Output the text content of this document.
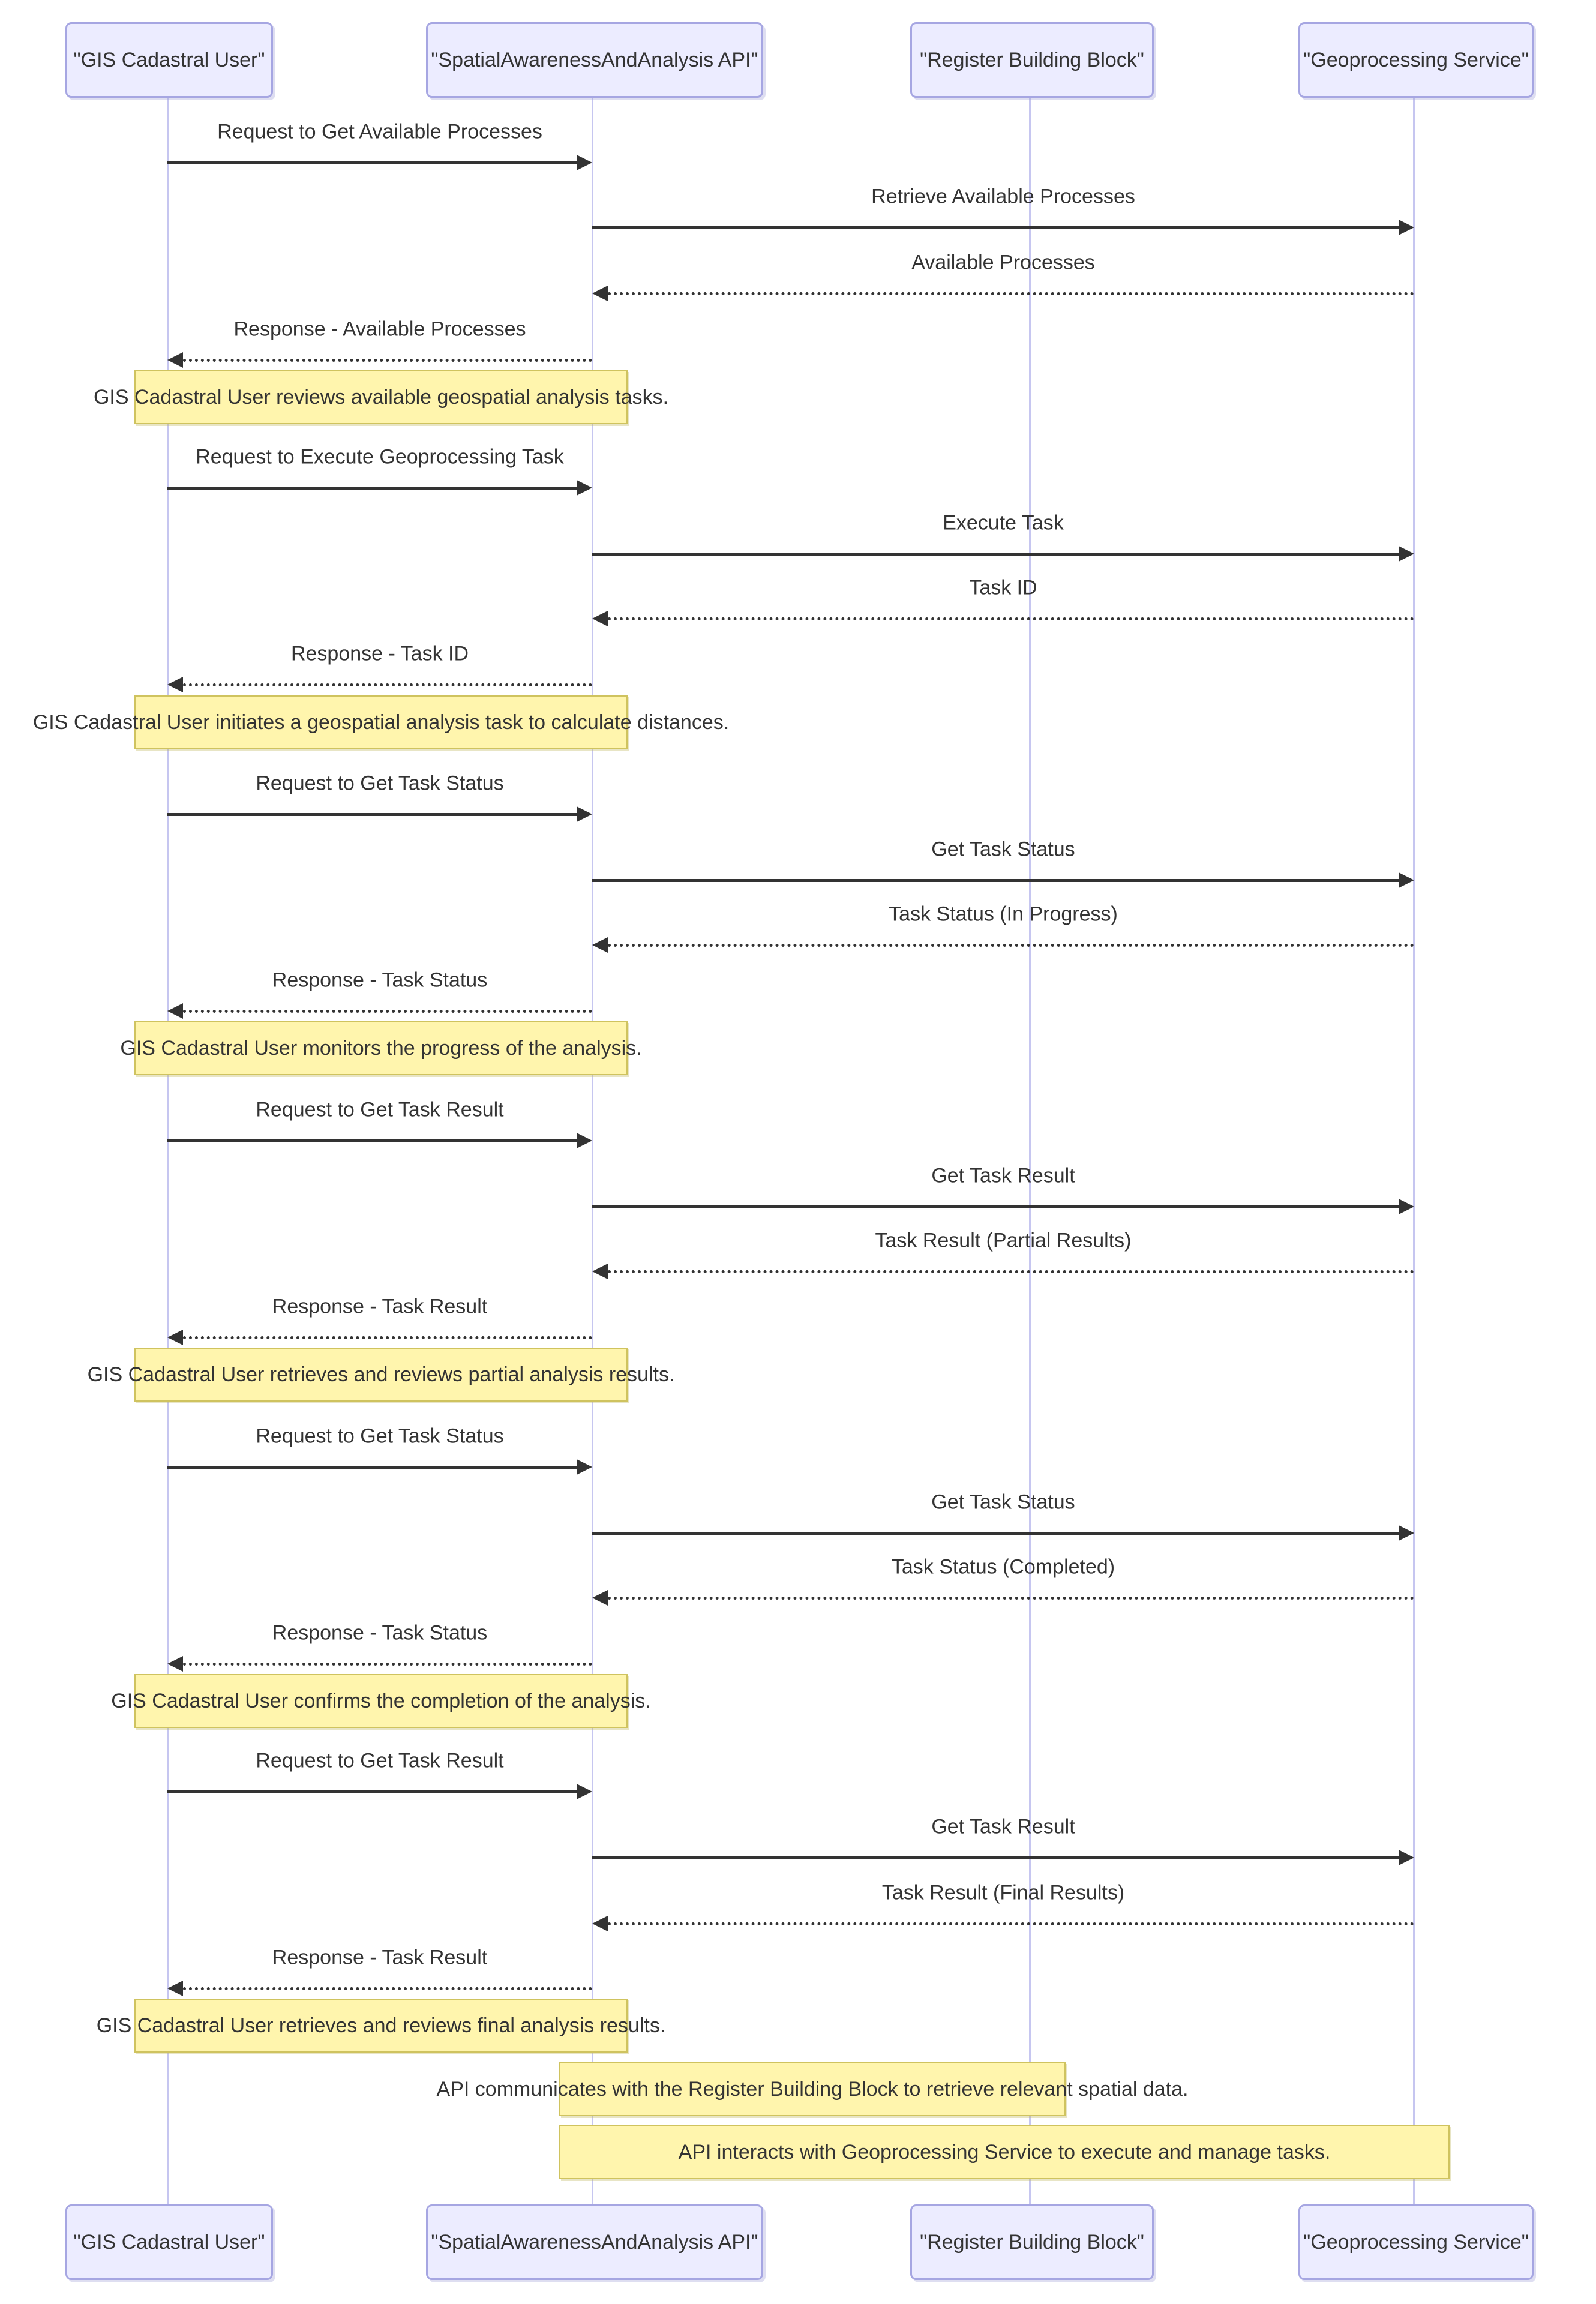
"GIS Cadastral User"	"SpatialAwarenessAndAnalysis API"	"Register Building Block"	"Geoprocessing Service"
Request to Get Available Processes
Retrieve Available Processes
Available Processes
Response - Available Processes
GIS Cadastral User reviews available geospatial analysis tasks.
Request to Execute Geoprocessing Task
Execute Task
Task ID
Response - Task ID
GIS Cadastral User initiates a geospatial analysis task to calculate distances.
Request to Get Task Status
Get Task Status
Task Status (In Progress)
Response - Task Status
GIS Cadastral User monitors the progress of the analysis.
Request to Get Task Result
Get Task Result
Task Result (Partial Results)
Response - Task Result
GIS Cadastral User retrieves and reviews partial analysis results.
Request to Get Task Status
Get Task Status
Task Status (Completed)
Response - Task Status
GIS Cadastral User confirms the completion of the analysis.
Request to Get Task Result
Get Task Result
Task Result (Final Results)
Response - Task Result
GIS Cadastral User retrieves and reviews final analysis results.
API communicates with the Register Building Block to retrieve relevant spatial data.
API interacts with Geoprocessing Service to execute and manage tasks.
"GIS Cadastral User"	"SpatialAwarenessAndAnalysis API"	"Register Building Block"	"Geoprocessing Service"
